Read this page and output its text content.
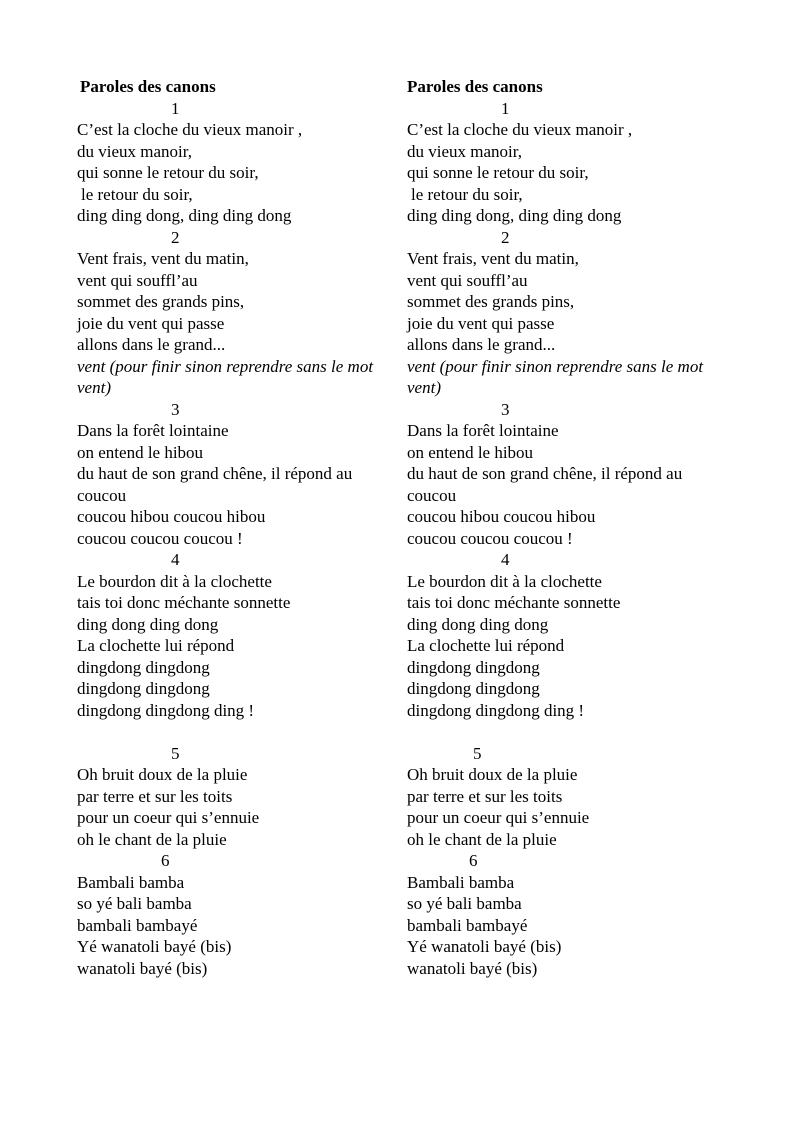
Paroles des canons
1
C’est la cloche du vieux manoir ,
du vieux manoir,
qui sonne le retour du soir,
le retour du soir,
ding ding dong, ding ding dong
2
Vent frais, vent du matin,
vent qui souffl’au
sommet des grands pins,
joie du vent qui passe
allons dans le grand...
vent (pour finir sinon reprendre sans le mot vent)
3
Dans la forêt lointaine
on entend le hibou
du haut de son grand chêne, il répond au coucou
coucou hibou coucou hibou
coucou coucou coucou !
4
Le bourdon dit à la clochette
tais toi donc méchante sonnette
ding dong ding dong
La clochette lui répond
dingdong dingdong
dingdong dingdong
dingdong dingdong ding !
5
Oh bruit doux de la pluie
par terre et sur les toits
pour un coeur qui s’ennuie
oh le chant de la pluie
6
Bambali bamba
so yé bali bamba
bambali bambayé
Yé wanatoli bayé (bis)
wanatoli bayé (bis)
Paroles des canons
1
C’est la cloche du vieux manoir ,
du vieux manoir,
qui sonne le retour du soir,
le retour du soir,
ding ding dong, ding ding dong
2
Vent frais, vent du matin,
vent qui souffl’au
sommet des grands pins,
joie du vent qui passe
allons dans le grand...
vent (pour finir sinon reprendre sans le mot vent)
3
Dans la forêt lointaine
on entend le hibou
du haut de son grand chêne, il répond au coucou
coucou hibou coucou hibou
coucou coucou coucou !
4
Le bourdon dit à la clochette
tais toi donc méchante sonnette
ding dong ding dong
La clochette lui répond
dingdong dingdong
dingdong dingdong
dingdong dingdong ding !
5
Oh bruit doux de la pluie
par terre et sur les toits
pour un coeur qui s’ennuie
oh le chant de la pluie
6
Bambali bamba
so yé bali bamba
bambali bambayé
Yé wanatoli bayé (bis)
wanatoli bayé (bis)
